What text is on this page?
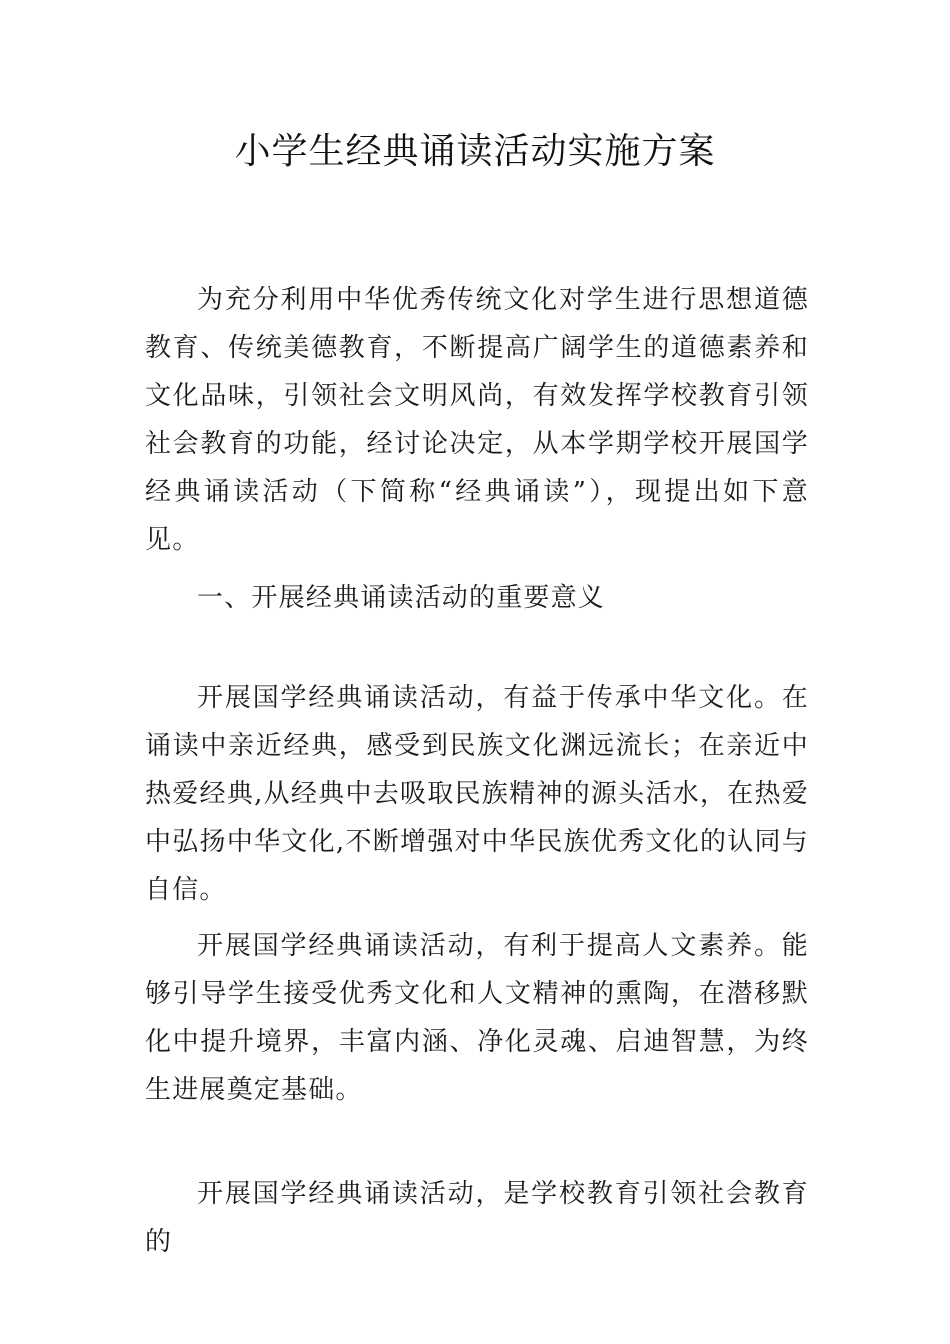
小学生经典诵读活动实施方案

为充分利用中华优秀传统文化对学生进行思想道德教育、传统美德教育，不断提高广阔学生的道德素养和文化品味，引领社会文明风尚，有效发挥学校教育引领社会教育的功能，经讨论决定，从本学期学校开展国学经典诵读活动（下简称“经典诵读”），现提出如下意见。

一、开展经典诵读活动的重要意义

开展国学经典诵读活动，有益于传承中华文化。在诵读中亲近经典，感受到民族文化渊远流长；在亲近中热爱经典,从经典中去吸取民族精神的源头活水，在热爱中弘扬中华文化,不断增强对中华民族优秀文化的认同与自信。

开展国学经典诵读活动，有利于提高人文素养。能够引导学生接受优秀文化和人文精神的熏陶，在潜移默化中提升境界，丰富内涵、净化灵魂、启迪智慧，为终生进展奠定基础。

开展国学经典诵读活动，是学校教育引领社会教育的
